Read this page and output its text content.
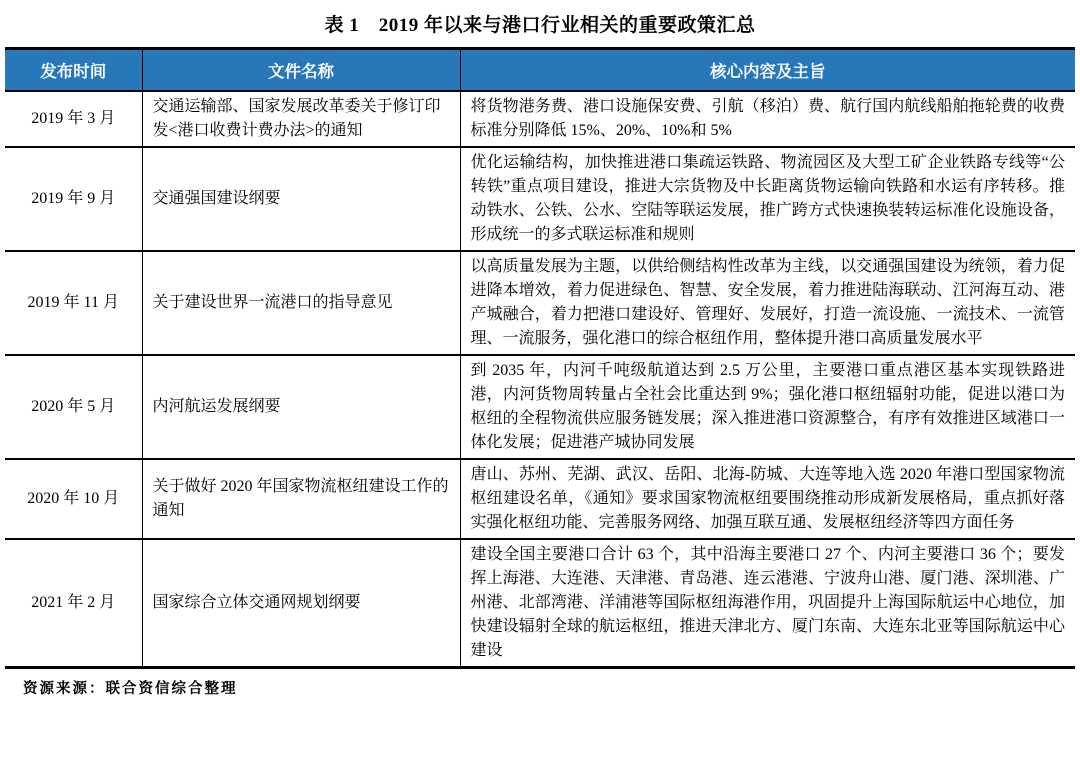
表 1　2019 年以来与港口行业相关的重要政策汇总
发布时间	文件名称	核心内容及主旨
2019 年 3 月	交通运输部、国家发展改革委关于修订印发<港口收费计费办法>的通知	将货物港务费、港口设施保安费、引航（移泊）费、航行国内航线船舶拖轮费的收费标准分别降低 15%、20%、10%和 5%
2019 年 9 月	交通强国建设纲要	优化运输结构，加快推进港口集疏运铁路、物流园区及大型工矿企业铁路专线等“公转铁”重点项目建设，推进大宗货物及中长距离货物运输向铁路和水运有序转移。推动铁水、公铁、公水、空陆等联运发展，推广跨方式快速换装转运标准化设施设备，形成统一的多式联运标准和规则
2019 年 11 月	关于建设世界一流港口的指导意见	以高质量发展为主题，以供给侧结构性改革为主线，以交通强国建设为统领，着力促进降本增效，着力促进绿色、智慧、安全发展，着力推进陆海联动、江河海互动、港产城融合，着力把港口建设好、管理好、发展好，打造一流设施、一流技术、一流管理、一流服务，强化港口的综合枢纽作用，整体提升港口高质量发展水平
2020 年 5 月	内河航运发展纲要	到 2035 年，内河千吨级航道达到 2.5 万公里，主要港口重点港区基本实现铁路进港，内河货物周转量占全社会比重达到 9%；强化港口枢纽辐射功能，促进以港口为枢纽的全程物流供应服务链发展；深入推进港口资源整合，有序有效推进区域港口一体化发展；促进港产城协同发展
2020 年 10 月	关于做好 2020 年国家物流枢纽建设工作的通知	唐山、苏州、芜湖、武汉、岳阳、北海-防城、大连等地入选 2020 年港口型国家物流枢纽建设名单，《通知》要求国家物流枢纽要围绕推动形成新发展格局，重点抓好落实强化枢纽功能、完善服务网络、加强互联互通、发展枢纽经济等四方面任务
2021 年 2 月	国家综合立体交通网规划纲要	建设全国主要港口合计 63 个，其中沿海主要港口 27 个、内河主要港口 36 个；要发挥上海港、大连港、天津港、青岛港、连云港港、宁波舟山港、厦门港、深圳港、广州港、北部湾港、洋浦港等国际枢纽海港作用，巩固提升上海国际航运中心地位，加快建设辐射全球的航运枢纽，推进天津北方、厦门东南、大连东北亚等国际航运中心建设
资源来源：联合资信综合整理
